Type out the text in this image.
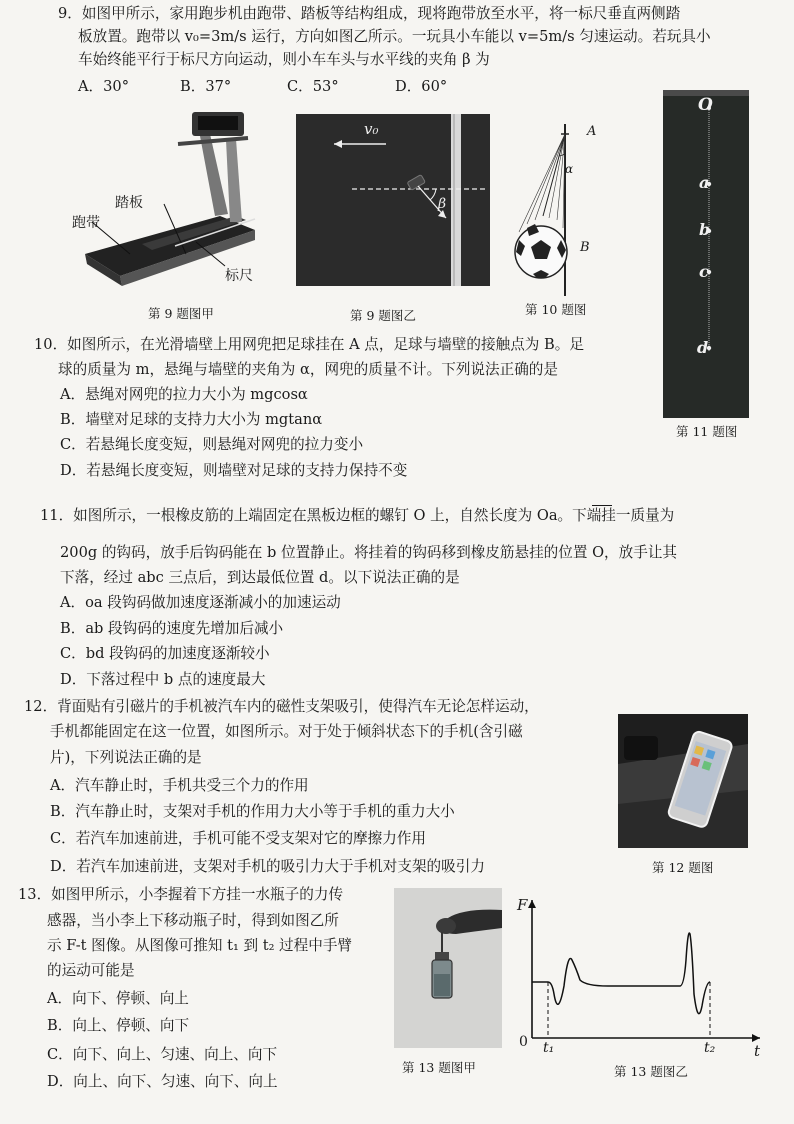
9．如图甲所示，家用跑步机由跑带、踏板等结构组成，现将跑带放至水平，将一标尺垂直两侧踏
板放置。跑带以 v₀=3m/s 运行，方向如图乙所示。一玩具小车能以 v=5m/s 匀速运动。若玩具小
车始终能平行于标尺方向运动，则小车车头与水平线的夹角 β 为
A．30°	B．37°	C．53°	D．60°
踏板
跑带
标尺
第 9 题图甲
v₀
β
第 9 题图乙
A
α
B
第 10 题图
O
a
b
c
d
第 11 题图
10．如图所示，在光滑墙壁上用网兜把足球挂在 A 点，足球与墙壁的接触点为 B。足
球的质量为 m，悬绳与墙壁的夹角为 α，网兜的质量不计。下列说法正确的是
A．悬绳对网兜的拉力大小为 mgcosα
B．墙壁对足球的支持力大小为 mgtanα
C．若悬绳长度变短，则悬绳对网兜的拉力变小
D．若悬绳长度变短，则墙壁对足球的支持力保持不变
11．如图所示，一根橡皮筋的上端固定在黑板边框的螺钉 O 上，自然长度为 Oa。下端挂一质量为
200g 的钩码，放手后钩码能在 b 位置静止。将挂着的钩码移到橡皮筋悬挂的位置 O，放手让其
下落，经过 abc 三点后，到达最低位置 d。以下说法正确的是
A．oa 段钩码做加速度逐渐减小的加速运动
B．ab 段钩码的速度先增加后减小
C．bd 段钩码的加速度逐渐较小
D．下落过程中 b 点的速度最大
12．背面贴有引磁片的手机被汽车内的磁性支架吸引，使得汽车无论怎样运动，
手机都能固定在这一位置，如图所示。对于处于倾斜状态下的手机(含引磁
片)，下列说法正确的是
A．汽车静止时，手机共受三个力的作用
B．汽车静止时，支架对手机的作用力大小等于手机的重力大小
C．若汽车加速前进，手机可能不受支架对它的摩擦力作用
D．若汽车加速前进，支架对手机的吸引力大于手机对支架的吸引力	第 12 题图
13．如图甲所示，小李握着下方挂一水瓶子的力传
感器，当小李上下移动瓶子时，得到如图乙所
示 F-t 图像。从图像可推知 t₁ 到 t₂ 过程中手臂
的运动可能是
A．向下、停顿、向上
B．向上、停顿、向下
C．向下、向上、匀速、向上、向下
D．向上、向下、匀速、向下、向上
第 13 题图甲
F
0 t₁	t₂	t
第 13 题图乙
